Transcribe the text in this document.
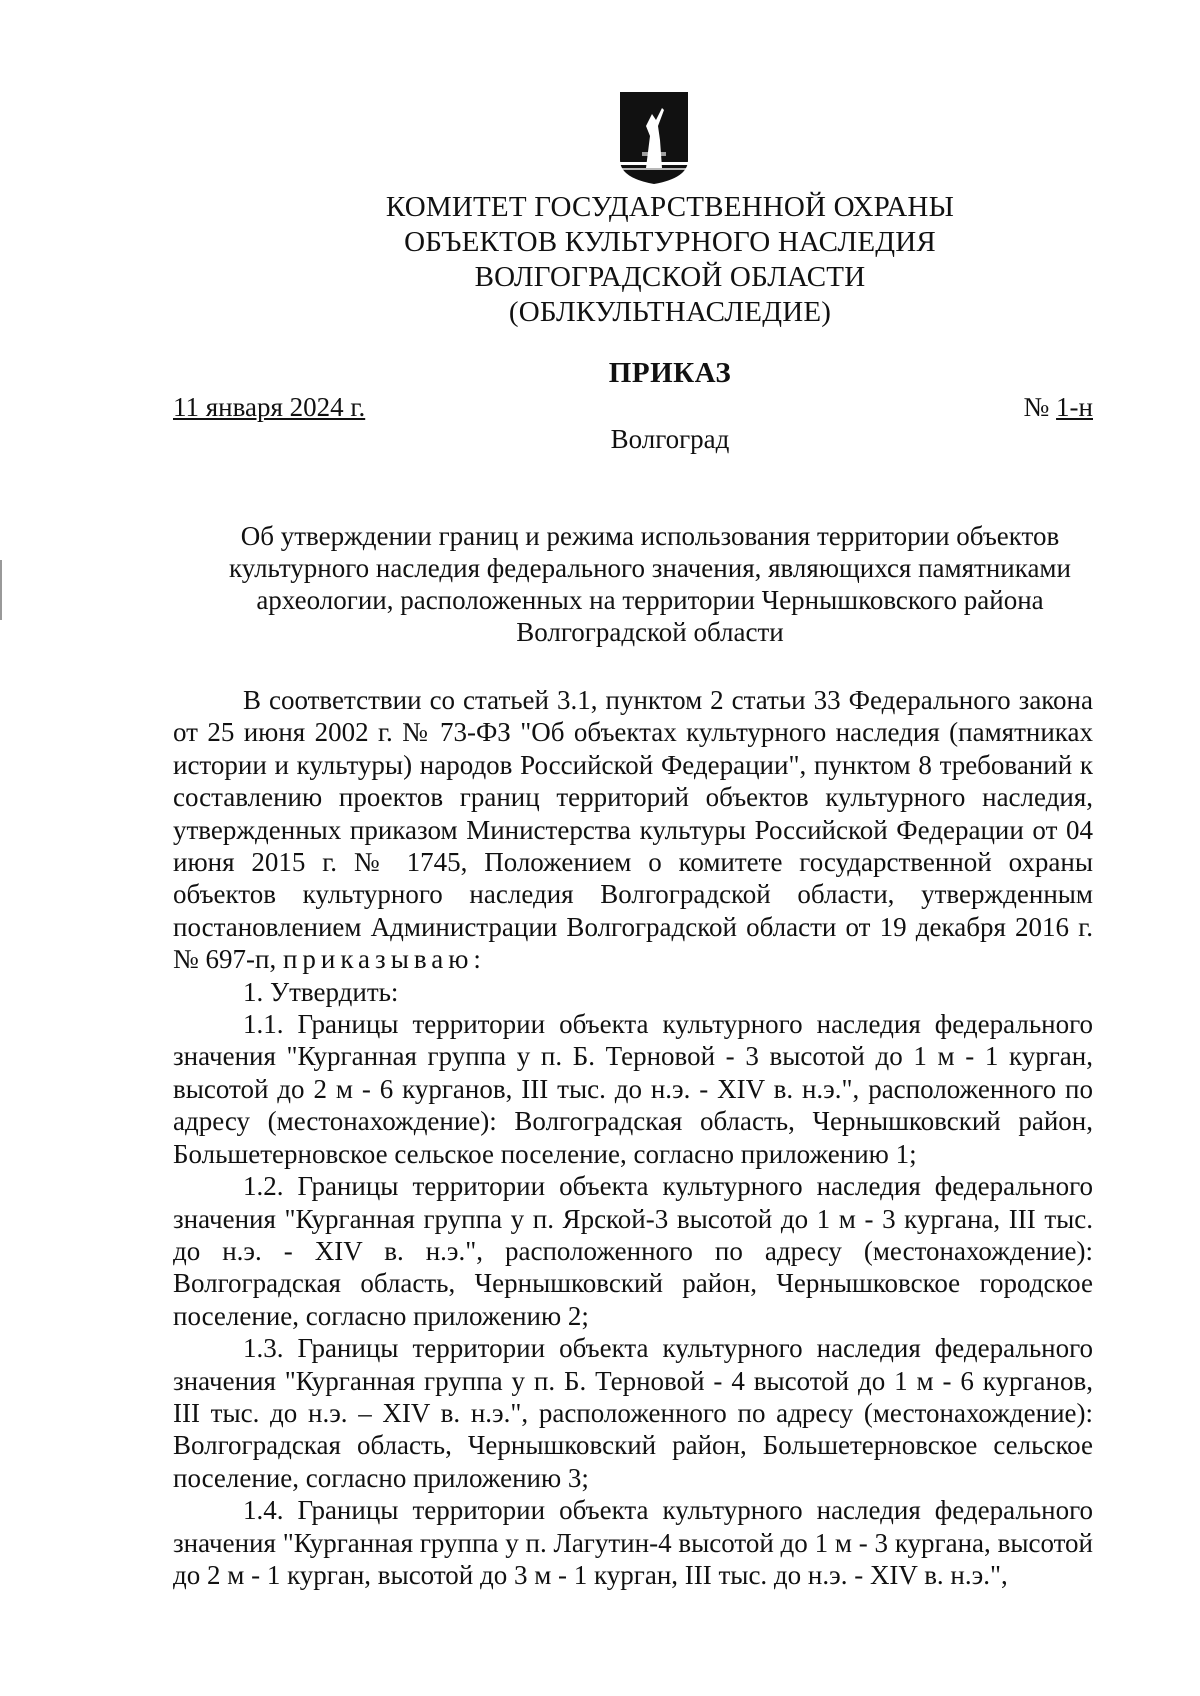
КОМИТЕТ ГОСУДАРСТВЕННОЙ ОХРАНЫ
ОБЪЕКТОВ КУЛЬТУРНОГО НАСЛЕДИЯ
ВОЛГОГРАДСКОЙ ОБЛАСТИ
(ОБЛКУЛЬТНАСЛЕДИЕ)
ПРИКАЗ
11 января 2024 г.	№ 1-н
Волгоград
Об утверждении границ и режима использования территории объектов
культурного наследия федерального значения, являющихся памятниками
археологии, расположенных на территории Чернышковского района
Волгоградской области

В соответствии со статьей 3.1, пунктом 2 статьи 33 Федерального закона от 25 июня 2002 г. № 73-ФЗ "Об объектах культурного наследия (памятниках истории и культуры) народов Российской Федерации", пунктом 8 требований к составлению проектов границ территорий объектов культурного наследия, утвержденных приказом Министерства культуры Российской Федерации от 04 июня 2015 г. № 1745, Положением о комитете государственной охраны объектов культурного наследия Волгоградской области, утвержденным постановлением Администрации Волгоградской области от 19 декабря 2016 г. № 697-п, приказываю:

1. Утвердить:

1.1. Границы территории объекта культурного наследия федерального значения "Курганная группа у п. Б. Терновой - 3 высотой до 1 м - 1 курган, высотой до 2 м - 6 курганов, III тыс. до н.э. - XIV в. н.э.", расположенного по адресу (местонахождение): Волгоградская область, Чернышковский район, Большетерновское сельское поселение, согласно приложению 1;

1.2. Границы территории объекта культурного наследия федерального значения "Курганная группа у п. Ярской-3 высотой до 1 м - 3 кургана, III тыс. до н.э. - XIV в. н.э.", расположенного по адресу (местонахождение): Волгоградская область, Чернышковский район, Чернышковское городское поселение, согласно приложению 2;

1.3. Границы территории объекта культурного наследия федерального значения "Курганная группа у п. Б. Терновой - 4 высотой до 1 м - 6 курганов, III тыс. до н.э. – XIV в. н.э.", расположенного по адресу (местонахождение): Волгоградская область, Чернышковский район, Большетерновское сельское поселение, согласно приложению 3;

1.4. Границы территории объекта культурного наследия федерального значения "Курганная группа у п. Лагутин-4 высотой до 1 м - 3 кургана, высотой до 2 м - 1 курган, высотой до 3 м - 1 курган, III тыс. до н.э. - XIV в. н.э.",
